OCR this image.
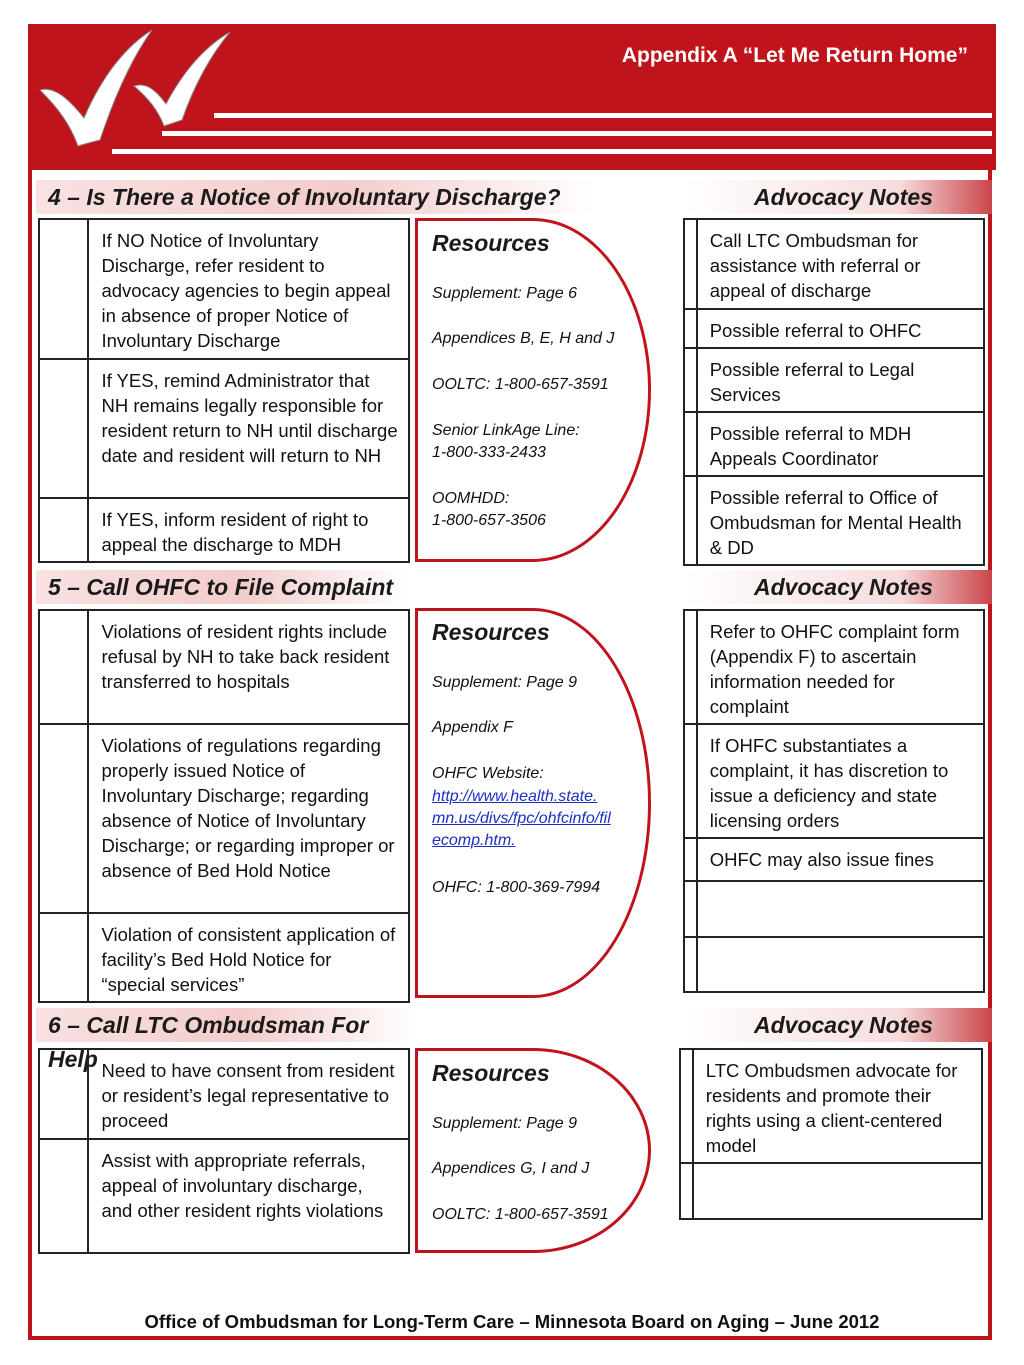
Appendix A “Let Me Return Home”
4 – Is There a Notice of Involuntary Discharge?	Advocacy Notes
	If NO Notice of Involuntary Discharge, refer resident to advocacy agencies to begin appeal in absence of proper Notice of Involuntary Discharge
	If YES, remind Administrator that NH remains legally responsible for resident return to NH until discharge date and resident will return to NH
	If YES, inform resident of right to appeal the discharge to MDH
Resources
Supplement: Page 6
Appendices B, E, H and J
OOLTC: 1-800-657-3591
Senior LinkAge Line:
1-800-333-2433
OOMHDD:
1-800-657-3506
	Call LTC Ombudsman for assistance with referral or appeal of discharge
	Possible referral to OHFC
	Possible referral to Legal Services
	Possible referral to MDH Appeals Coordinator
	Possible referral to Office of Ombudsman for Mental Health & DD
5 – Call OHFC to File Complaint	Advocacy Notes
	Violations of resident rights include refusal by NH to take back resident transferred to hospitals
	Violations of regulations regarding properly issued Notice of Involuntary Discharge; regarding absence of Notice of Involuntary Discharge; or regarding improper or absence of Bed Hold Notice
	Violation of consistent application of facility’s Bed Hold Notice for “special services”
Resources
Supplement: Page 9
Appendix F
OHFC Website:
http://www.health.state.
mn.us/divs/fpc/ohfcinfo/fil
ecomp.htm.
OHFC: 1-800-369-7994
	Refer to OHFC complaint form (Appendix F) to ascertain information needed for complaint
	If OHFC substantiates a complaint, it has discretion to issue a deficiency and state licensing orders
	OHFC may also issue fines

6 – Call LTC Ombudsman For Help
Advocacy Notes
	Need to have consent from resident or resident’s legal representative to proceed
	Assist with appropriate referrals, appeal of involuntary discharge, and other resident rights violations
Resources
Supplement: Page 9
Appendices G, I and J
OOLTC: 1-800-657-3591
	LTC Ombudsmen advocate for residents and promote their rights using a client-centered model

Office of Ombudsman for Long-Term Care – Minnesota Board on Aging – June 2012
